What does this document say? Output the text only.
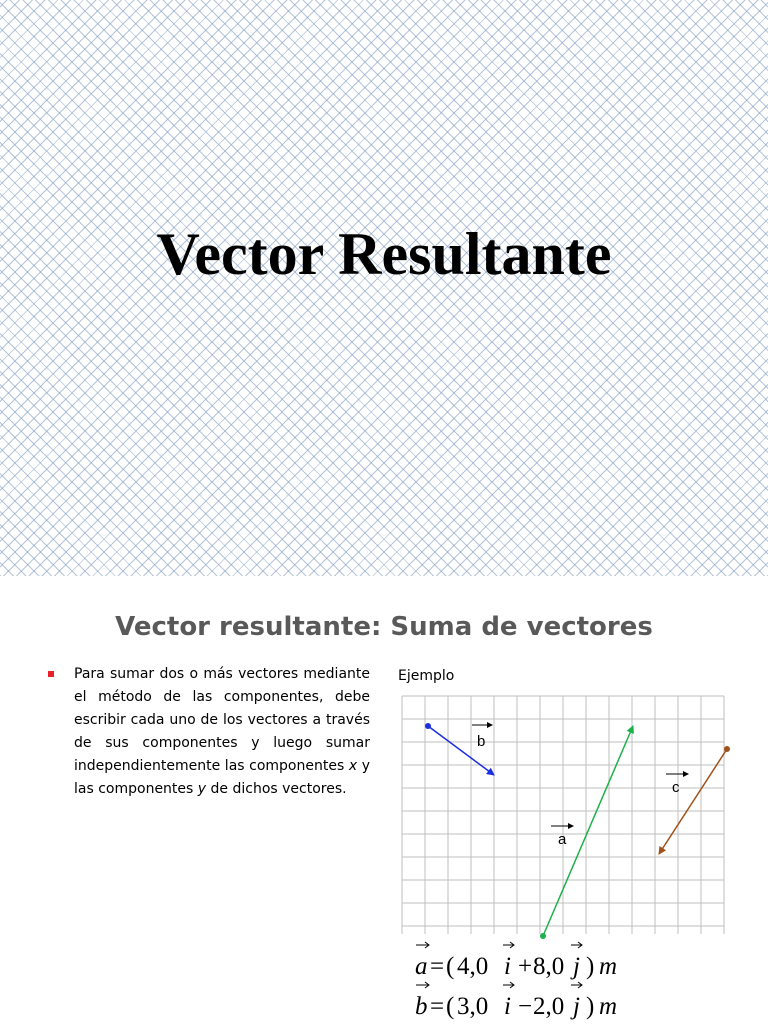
Vector Resultante
Vector resultante: Suma de vectores

Para sumar dos o más vectores mediante el método de las componentes, debe escribir cada uno de los vectores a través de sus componentes y luego sumar independientemente las componentes x y las componentes y de dichos vectores.

Ejemplo
b
c
a
a = ( 4,0 i + 8,0 j ) m
b = ( 3,0 i − 2,0 j ) m
